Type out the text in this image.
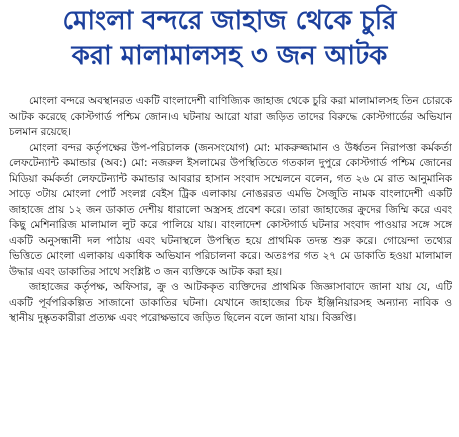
মোংলা বন্দরে জাহাজ থেকে চুরি
করা মালামালসহ ৩ জন আটক

মোংলা বন্দরে অবস্থানরত একটি বাংলাদেশী বাণিজ্যিক জাহাজ থেকে চুরি করা মালামালসহ তিন চোরকে আটক করেছে কোস্টগার্ড পশ্চিম জোন।এ ঘটনায় আরো যারা জড়িত তাদের বিরুদ্ধে কোস্টগার্ডের অভিযান চলমান রয়েছে।

মোংলা বন্দর কর্তৃপক্ষের উপ-পরিচালক (জনসংযোগ) মো: মাকরুজ্জামান ও উর্ধ্বতন নিরাপত্তা কর্মকর্তা লেফটেন্যান্ট কমান্ডার (অব:) মো: নজরুল ইসলামের উপস্থিতিতে গতকাল দুপুরে কোস্টগার্ড পশ্চিম জোনের মিডিয়া কর্মকর্তা লেফটেন্যান্ট কমান্ডার আবরার হাসান সংবাদ সম্মেলনে বলেন, গত ২৬ মে রাত আনুমানিক সাড়ে ৩টায় মোংলা পোর্ট সংলগ্ন বেইস ট্রিক এলাকায় নোঙররত এমভি সৈজুতি নামক বাংলাদেশী একটি জাহাজে প্রায় ১২ জন ডাকাত দেশীয় ধারালো অস্ত্রসহ প্রবেশ করে। তারা জাহাজের ক্রুদের জিম্মি করে এবং কিছু মেশিনারিজ মালামাল লুট করে পালিয়ে যায়। বাংলাদেশ কোস্টগার্ড ঘটনার সংবাদ পাওয়ার সঙ্গে সঙ্গে একটি অনুসন্ধানী দল পাঠায় এবং ঘটনাস্থলে উপস্থিত হয়ে প্রাথমিক তদন্ত শুরু করে। গোয়েন্দা তথ্যের ভিত্তিতে মোংলা এলাকায় একাধিক অভিযান পরিচালনা করে। অতঃপর গত ২৭ মে ডাকাতি হওয়া মালামাল উদ্ধার এবং ডাকাতির সাথে সংশ্লিষ্ট ৩ জন ব্যক্তিকে আটক করা হয়।

জাহাজের কর্তৃপক্ষ, অফিসার, ক্রু ও আটককৃত ব্যক্তিদের প্রাথমিক জিজ্ঞাসাবাদে জানা যায় যে, এটি একটি পূর্বপরিকল্পিত সাজানো ডাকাতির ঘটনা। যেখানে জাহাজের চিফ ইঞ্জিনিয়ারসহ অন্যান্য নাবিক ও স্থানীয় দুষ্কৃতকারীরা প্রত্যক্ষ এবং পরোক্ষভাবে জড়িত ছিলেন বলে জানা যায়। বিজ্ঞপ্তি।
